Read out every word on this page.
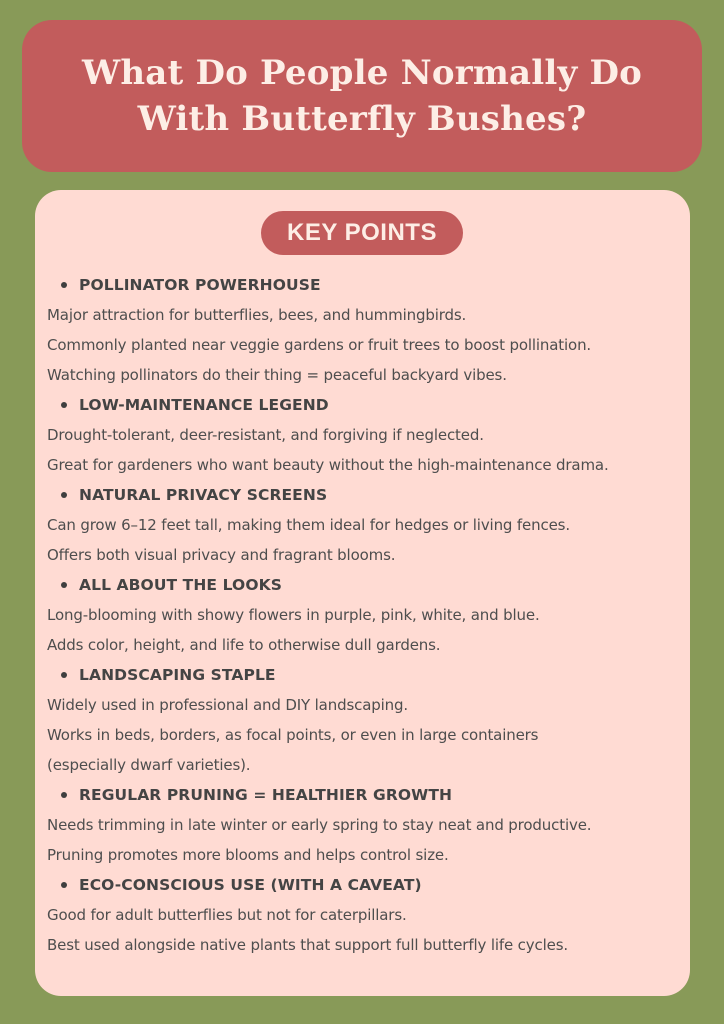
What Do People Normally Do
With Butterfly Bushes?
KEY POINTS
POLLINATOR POWERHOUSE
Major attraction for butterflies, bees, and hummingbirds.
Commonly planted near veggie gardens or fruit trees to boost pollination.
Watching pollinators do their thing = peaceful backyard vibes.
LOW-MAINTENANCE LEGEND
Drought-tolerant, deer-resistant, and forgiving if neglected.
Great for gardeners who want beauty without the high-maintenance drama.
NATURAL PRIVACY SCREENS
Can grow 6–12 feet tall, making them ideal for hedges or living fences.
Offers both visual privacy and fragrant blooms.
ALL ABOUT THE LOOKS
Long-blooming with showy flowers in purple, pink, white, and blue.
Adds color, height, and life to otherwise dull gardens.
LANDSCAPING STAPLE
Widely used in professional and DIY landscaping.
Works in beds, borders, as focal points, or even in large containers
(especially dwarf varieties).
REGULAR PRUNING = HEALTHIER GROWTH
Needs trimming in late winter or early spring to stay neat and productive.
Pruning promotes more blooms and helps control size.
ECO-CONSCIOUS USE (WITH A CAVEAT)
Good for adult butterflies but not for caterpillars.
Best used alongside native plants that support full butterfly life cycles.
